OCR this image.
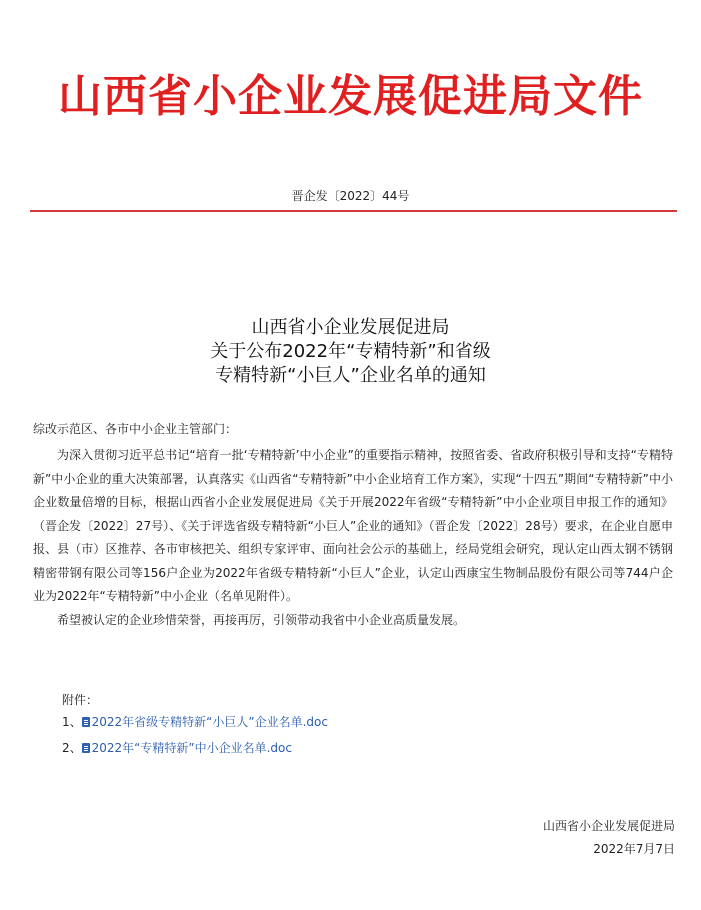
山西省小企业发展促进局文件
晋企发〔2022〕44号
山西省小企业发展促进局
关于公布2022年“专精特新”和省级
专精特新“小巨人”企业名单的通知
综改示范区、各市中小企业主管部门：

为深入贯彻习近平总书记“培育一批‘专精特新’中小企业”的重要指示精神，按照省委、省政府积极引导和支持“专精特新”中小企业的重大决策部署，认真落实《山西省“专精特新”中小企业培育工作方案》，实现“十四五”期间“专精特新”中小企业数量倍增的目标，根据山西省小企业发展促进局《关于开展2022年省级“专精特新”中小企业项目申报工作的通知》（晋企发〔2022〕27号）、《关于评选省级专精特新“小巨人”企业的通知》（晋企发〔2022〕28号）要求，在企业自愿申报、县（市）区推荐、各市审核把关、组织专家评审、面向社会公示的基础上，经局党组会研究，现认定山西太钢不锈钢精密带钢有限公司等156户企业为2022年省级专精特新“小巨人”企业，认定山西康宝生物制品股份有限公司等744户企业为2022年“专精特新”中小企业（名单见附件）。

希望被认定的企业珍惜荣誉，再接再厉，引领带动我省中小企业高质量发展。

附件：
1、 2022年省级专精特新“小巨人”企业名单.doc
2、 2022年“专精特新”中小企业名单.doc
山西省小企业发展促进局
2022年7月7日
